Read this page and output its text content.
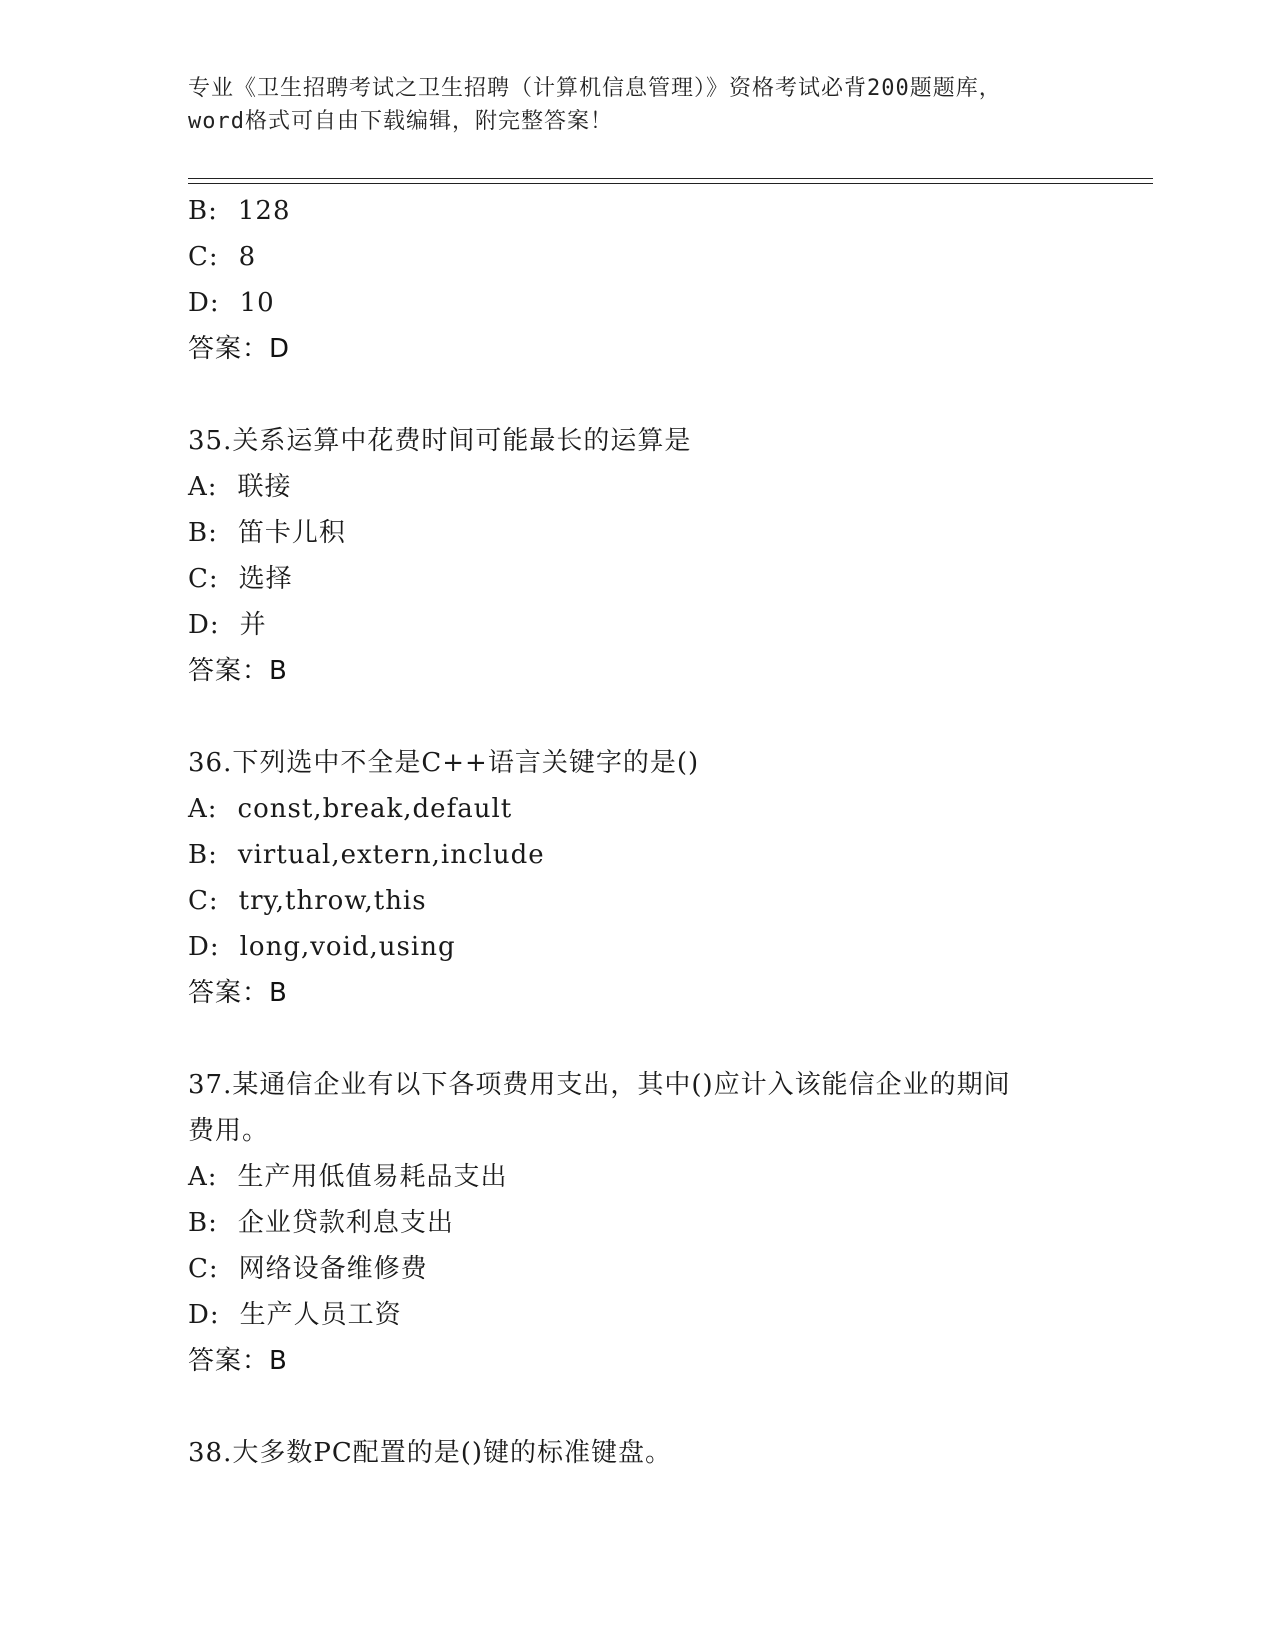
专业《卫生招聘考试之卫生招聘（计算机信息管理）》资格考试必背200题题库，
word格式可自由下载编辑，附完整答案！
B: 128
C: 8
D: 10
答案：D
35.关系运算中花费时间可能最长的运算是
A: 联接
B: 笛卡儿积
C: 选择
D: 并
答案：B
36.下列选中不全是C++语言关键字的是()
A: const,break,default
B: virtual,extern,include
C: try,throw,this
D: long,void,using
答案：B
37.某通信企业有以下各项费用支出，其中()应计入该能信企业的期间
费用。
A: 生产用低值易耗品支出
B: 企业贷款利息支出
C: 网络设备维修费
D: 生产人员工资
答案：B
38.大多数PC配置的是()键的标准键盘。
